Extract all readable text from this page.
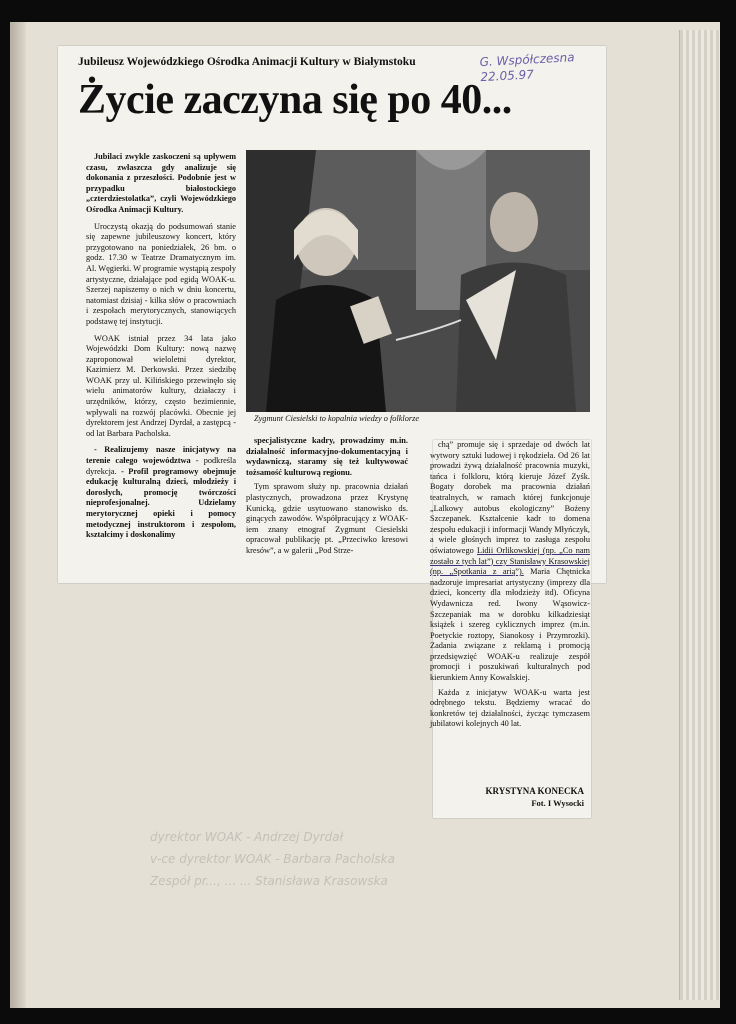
Jubileusz Wojewódzkiego Ośrodka Animacji Kultury w Białymstoku	G. Współczesna
22.05.97
Życie zaczyna się po 40...

Jubilaci zwykle zaskoczeni są upływem czasu, zwłaszcza gdy analizuje się dokonania z przeszłości. Podobnie jest w przypadku białostockiego „czterdziestolatka”, czyli Wojewódzkiego Ośrodka Animacji Kultury.

Uroczystą okazją do podsumowań stanie się zapewne jubileuszowy koncert, który przygotowano na poniedziałek, 26 bm. o godz. 17.30 w Teatrze Dramatycznym im. Al. Węgierki. W programie wystąpią zespoły artystyczne, działające pod egidą WOAK-u. Szerzej napiszemy o nich w dniu koncertu, natomiast dzisiaj - kilka słów o pracowniach i zespołach merytorycznych, stanowiących podstawę tej instytucji.

WOAK istniał przez 34 lata jako Wojewódzki Dom Kultury: nową nazwę zaproponował wieloletni dyrektor, Kazimierz M. Derkowski. Przez siedzibę WOAK przy ul. Kilińskiego przewinęło się wielu animatorów kultury, działaczy i urzędników, którzy, często bezimiennie, wpływali na rozwój placówki. Obecnie jej dyrektorem jest Andrzej Dyrdał, a zastępcą - od lat Barbara Pacholska.

- Realizujemy nasze inicjatywy na terenie całego województwa - podkreśla dyrekcja. - Profil programowy obejmuje edukację kulturalną dzieci, młodzieży i dorosłych, promocję twórczości nieprofesjonalnej. Udzielamy merytorycznej opieki i pomocy metodycznej instruktorom i zespołom, kształcimy i doskonalimy

Zygmunt Ciesielski to kopalnia wiedzy o folklorze

specjalistyczne kadry, prowadzimy m.in. działalność informacyjno-dokumentacyjną i wydawniczą, staramy się też kultywować tożsamość kulturową regionu.

Tym sprawom służy np. pracownia działań plastycznych, prowadzona przez Krystynę Kunicką, gdzie usytuowano stanowisko ds. ginących zawodów. Współpracujący z WOAK-iem znany etnograf Zygmunt Ciesielski opracował publikację pt. „Przeciwko kresowi kresów”, a w galerii „Pod Strze-

chą” promuje się i sprzedaje od dwóch lat wytwory sztuki ludowej i rękodzieła. Od 26 lat prowadzi żywą działalność pracownia muzyki, tańca i folkloru, którą kieruje Józef Zyśk. Bogaty dorobek ma pracownia działań teatralnych, w ramach której funkcjonuje „Lalkowy autobus ekologiczny” Bożeny Szczepanek. Kształcenie kadr to domena zespołu edukacji i informacji Wandy Młyńczyk, a wiele głośnych imprez to zasługa zespołu oświatowego Lidii Orlikowskiej (np. „Co nam zostało z tych lat”) czy Stanisławy Krasowskiej (np. „Spotkania z arią”). Maria Chętnicka nadzoruje impresariat artystyczny (imprezy dla dzieci, koncerty dla młodzieży itd). Oficyna Wydawnicza red. Iwony Wąsowicz-Szczepaniak ma w dorobku kilkadziesiąt książek i szereg cyklicznych imprez (m.in. Poetyckie roztopy, Sianokosy i Przymrozki). Zadania związane z reklamą i promocją przedsięwzięć WOAK-u realizuje zespół promocji i poszukiwań kulturalnych pod kierunkiem Anny Kowalskiej.

Każda z inicjatyw WOAK-u warta jest odrębnego tekstu. Będziemy wracać do konkretów tej działalności, życząc tymczasem jubilatowi kolejnych 40 lat.

KRYSTYNA KONECKA
Fot. I Wysocki
dyrektor WOAK - Andrzej Dyrdał
v-ce dyrektor WOAK - Barbara Pacholska
Zespół pr..., ... ... Stanisława Krasowska
